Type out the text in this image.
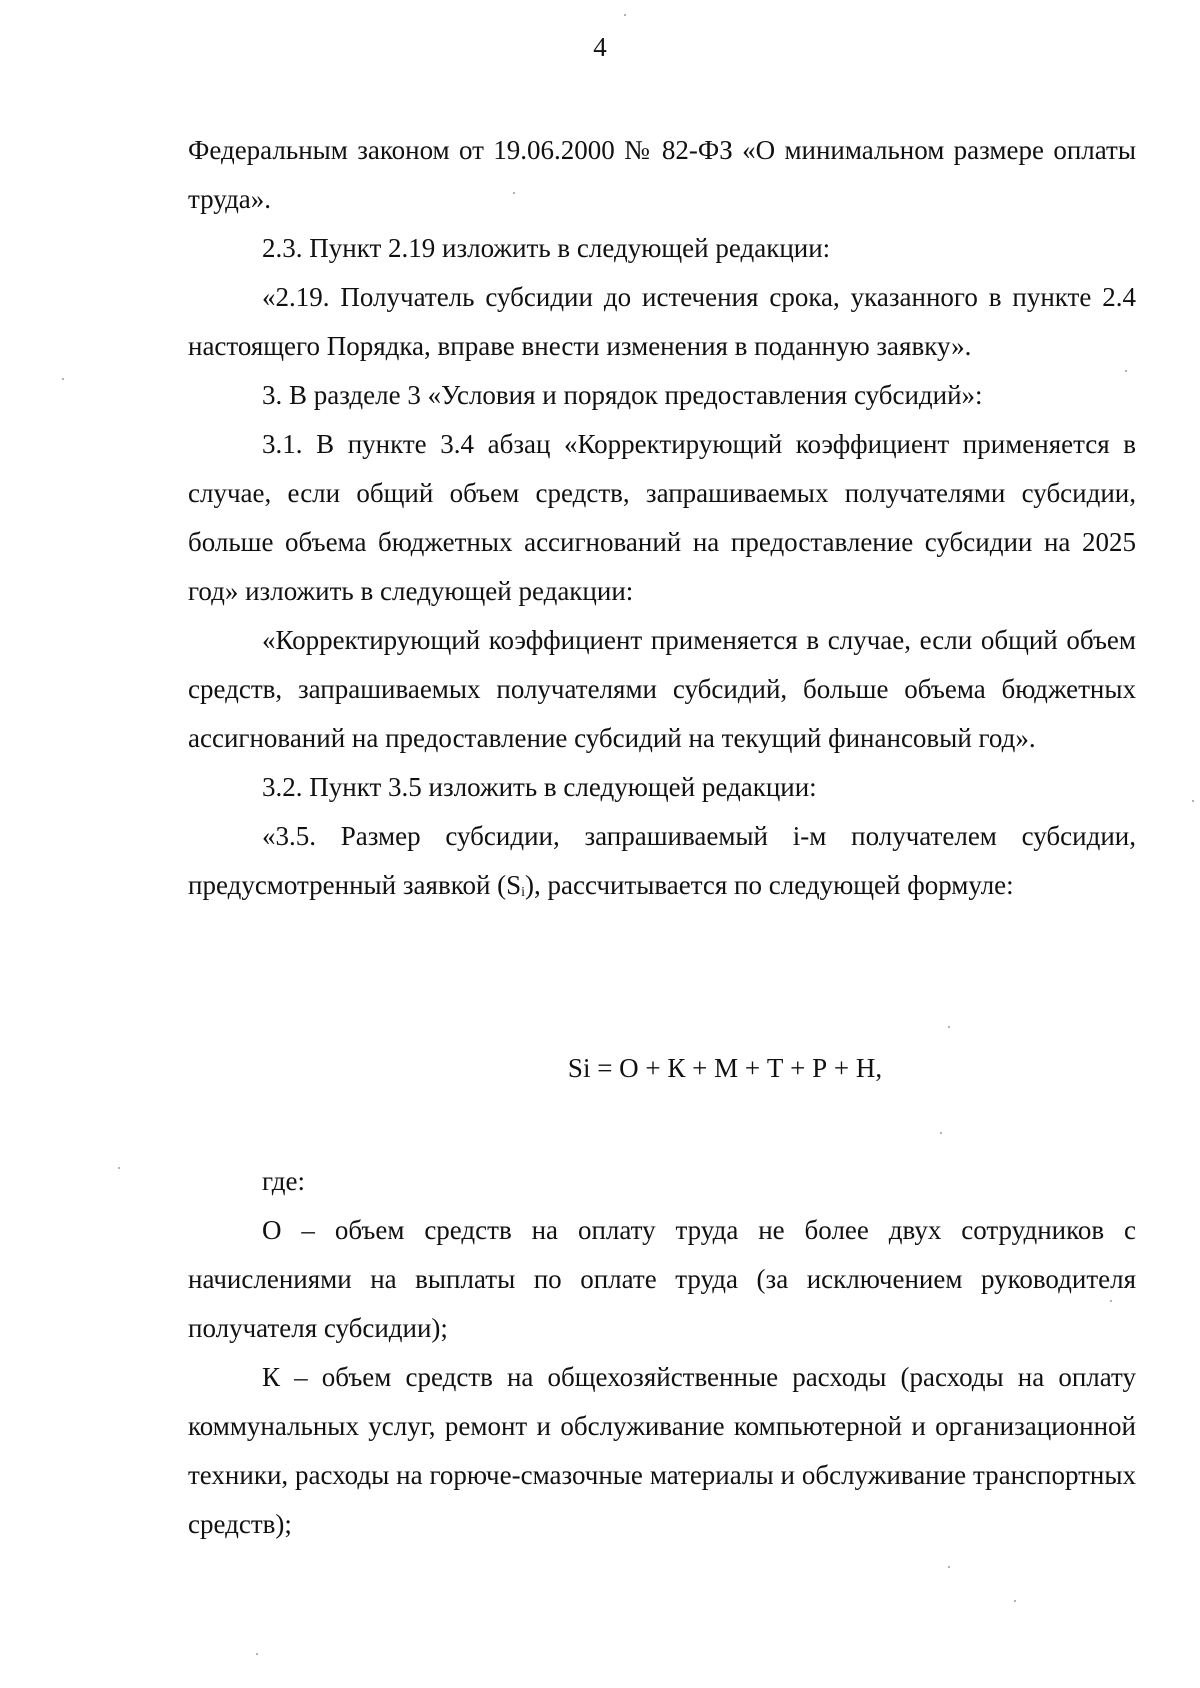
4

Федеральным законом от 19.06.2000 № 82-ФЗ «О минимальном размере оплаты труда».

2.3. Пункт 2.19 изложить в следующей редакции:

«2.19. Получатель субсидии до истечения срока, указанного в пункте 2.4 настоящего Порядка, вправе внести изменения в поданную заявку».

3. В разделе 3 «Условия и порядок предоставления субсидий»:

3.1. В пункте 3.4 абзац «Корректирующий коэффициент применяется в случае, если общий объем средств, запрашиваемых получателями субсидии, больше объема бюджетных ассигнований на предоставление субсидии на 2025 год» изложить в следующей редакции:

«Корректирующий коэффициент применяется в случае, если общий объем средств, запрашиваемых получателями субсидий, больше объема бюджетных ассигнований на предоставление субсидий на текущий финансовый год».

3.2. Пункт 3.5 изложить в следующей редакции:

«3.5. Размер субсидии, запрашиваемый i-м получателем субсидии, предусмотренный заявкой $(S_i)$, рассчитывается по следующей формуле:

Si = О + К + М + Т + Р + Н,

где:

О – объем средств на оплату труда не более двух сотрудников с начислениями на выплаты по оплате труда (за исключением руководителя получателя субсидии);

К – объем средств на общехозяйственные расходы (расходы на оплату коммунальных услуг, ремонт и обслуживание компьютерной и организационной техники, расходы на горюче-смазочные материалы и обслуживание транспортных средств);
